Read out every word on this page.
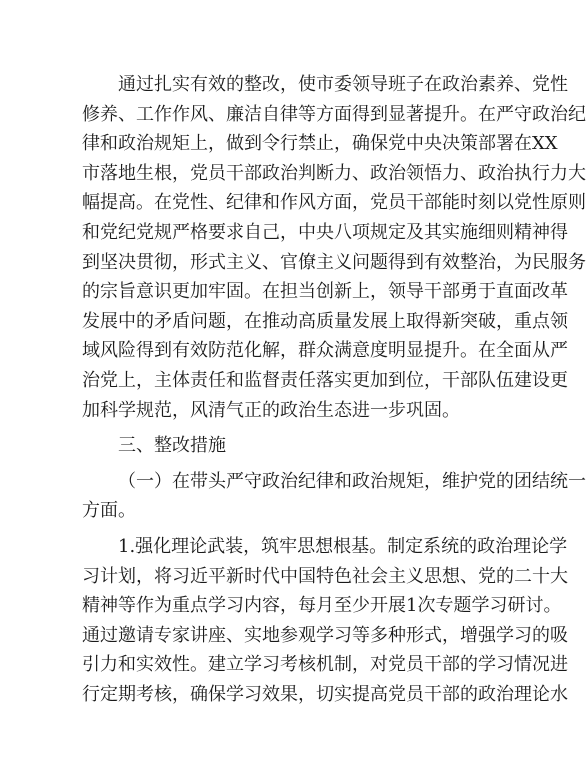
通过扎实有效的整改，使市委领导班子在政治素养、党性
修养、工作作风、廉洁自律等方面得到显著提升。在严守政治纪
律和政治规矩上，做到令行禁止，确保党中央决策部署在XX
市落地生根，党员干部政治判断力、政治领悟力、政治执行力大
幅提高。在党性、纪律和作风方面，党员干部能时刻以党性原则
和党纪党规严格要求自己，中央八项规定及其实施细则精神得
到坚决贯彻，形式主义、官僚主义问题得到有效整治，为民服务
的宗旨意识更加牢固。在担当创新上，领导干部勇于直面改革
发展中的矛盾问题，在推动高质量发展上取得新突破，重点领
域风险得到有效防范化解，群众满意度明显提升。在全面从严
治党上，主体责任和监督责任落实更加到位，干部队伍建设更
加科学规范，风清气正的政治生态进一步巩固。
三、整改措施
（一）在带头严守政治纪律和政治规矩，维护党的团结统一
方面。
1.强化理论武装，筑牢思想根基。制定系统的政治理论学
习计划，将习近平新时代中国特色社会主义思想、党的二十大
精神等作为重点学习内容，每月至少开展1次专题学习研讨。
通过邀请专家讲座、实地参观学习等多种形式，增强学习的吸
引力和实效性。建立学习考核机制，对党员干部的学习情况进
行定期考核，确保学习效果，切实提高党员干部的政治理论水
